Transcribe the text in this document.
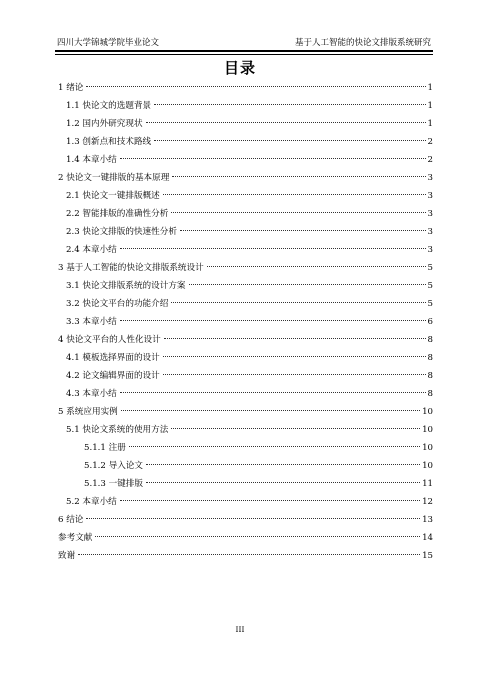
四川大学锦城学院毕业论文	基于人工智能的快论文排版系统研究
目录
1 绪论	1
1.1 快论文的选题背景	1
1.2 国内外研究现状	1
1.3 创新点和技术路线	2
1.4 本章小结	2
2 快论文一键排版的基本原理	3
2.1 快论文一键排版概述	3
2.2 智能排版的准确性分析	3
2.3 快论文排版的快速性分析	3
2.4 本章小结	3
3 基于人工智能的快论文排版系统设计	5
3.1 快论文排版系统的设计方案	5
3.2 快论文平台的功能介绍	5
3.3 本章小结	6
4 快论文平台的人性化设计	8
4.1 模板选择界面的设计	8
4.2 论文编辑界面的设计	8
4.3 本章小结	8
5 系统应用实例	10
5.1 快论文系统的使用方法	10
5.1.1 注册	10
5.1.2 导入论文	10
5.1.3 一键排版	11
5.2 本章小结	12
6 结论	13
参考文献	14
致谢	15
III
